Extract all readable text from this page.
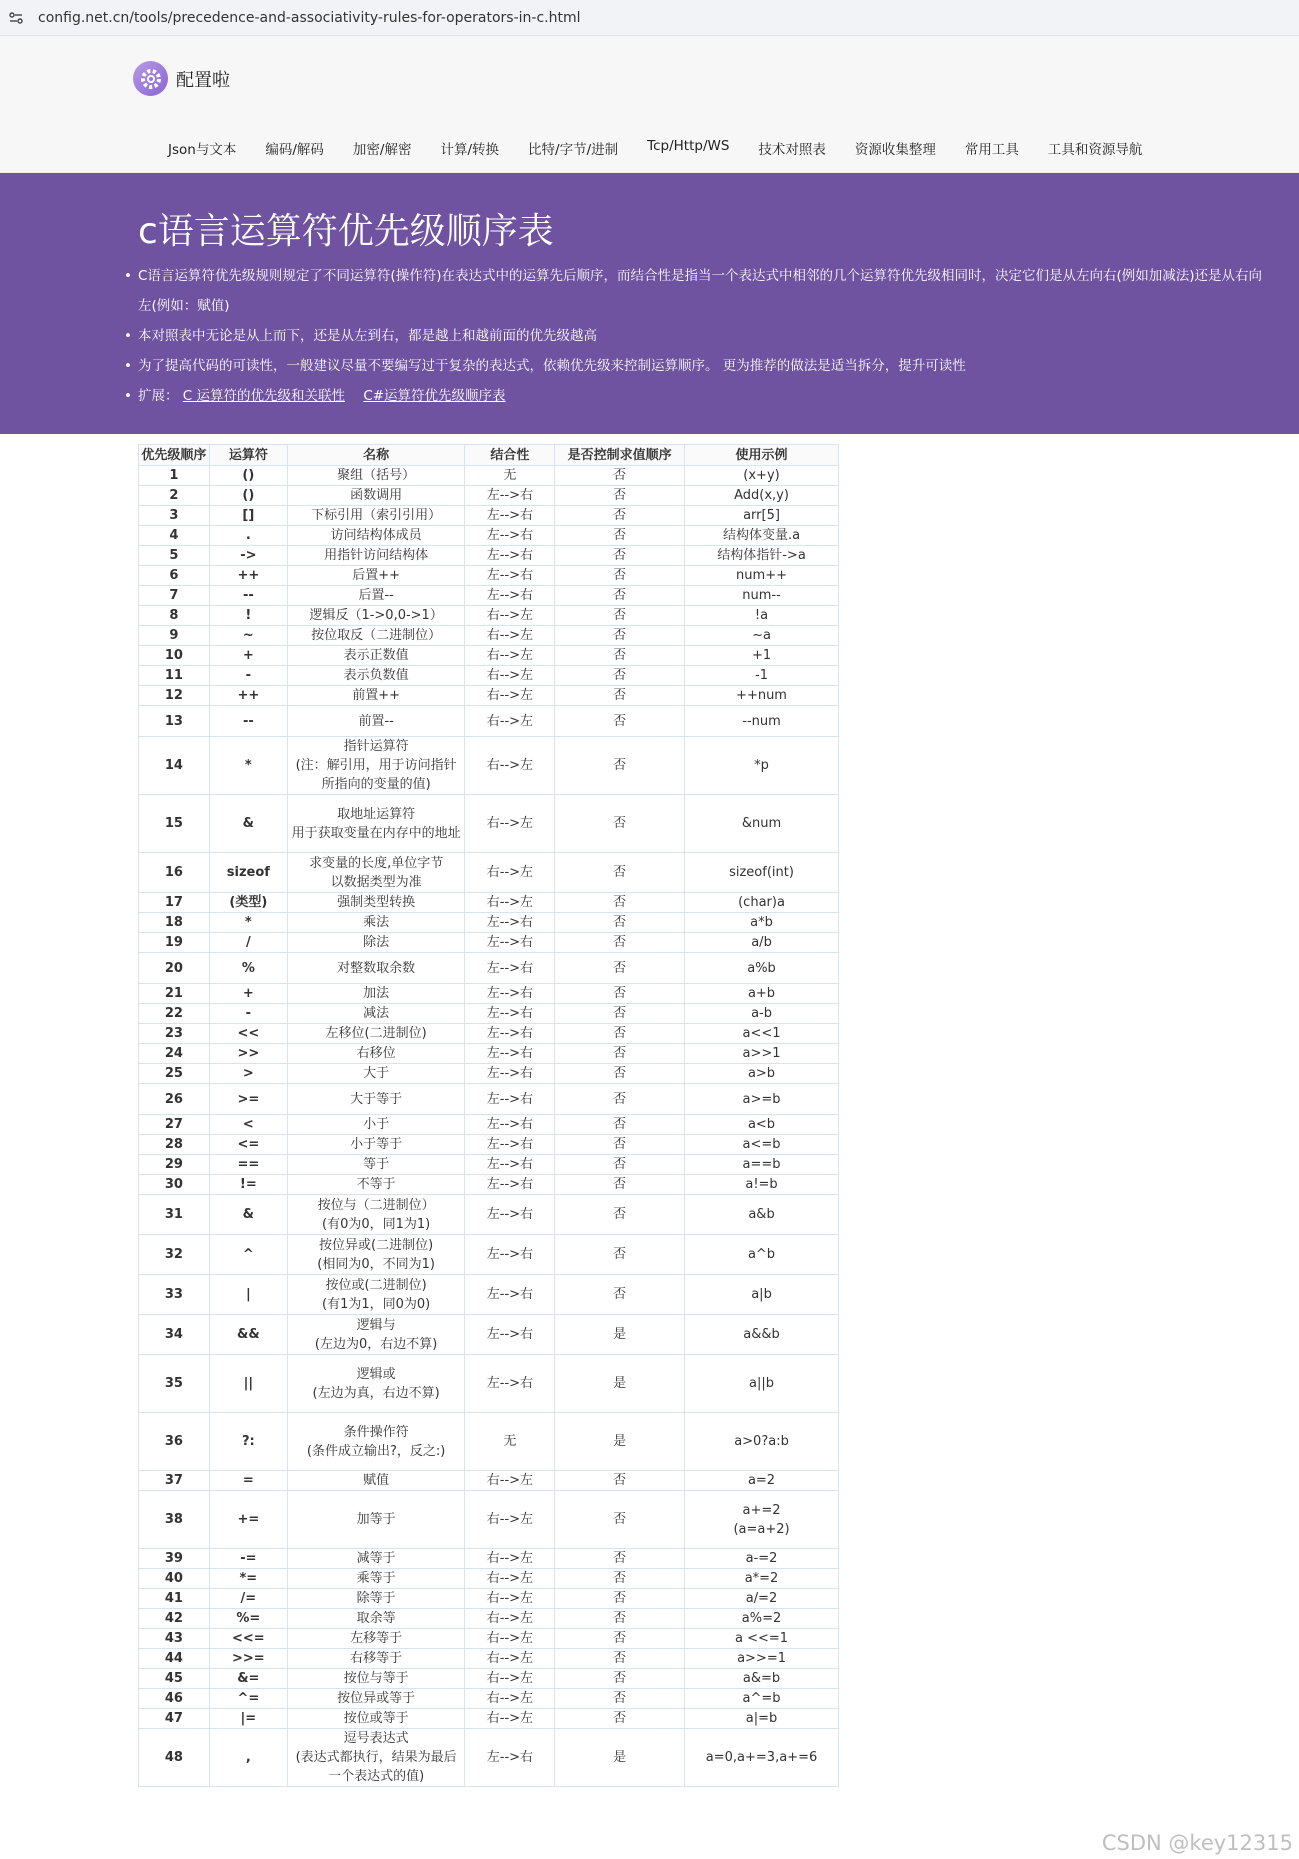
config.net.cn/tools/precedence-and-associativity-rules-for-operators-in-c.html
配置啦
Json与文本 编码/解码 加密/解密 计算/转换 比特/字节/进制 Tcp/Http/WS 技术对照表 资源收集整理 常用工具 工具和资源导航
c语言运算符优先级顺序表
• C语言运算符优先级规则规定了不同运算符(操作符)在表达式中的运算先后顺序，而结合性是指当一个表达式中相邻的几个运算符优先级相同时，决定它们是从左向右(例如加减法)还是从右向左(例如：赋值)
• 本对照表中无论是从上而下，还是从左到右，都是越上和越前面的优先级越高
• 为了提高代码的可读性，一般建议尽量不要编写过于复杂的表达式，依赖优先级来控制运算顺序。 更为推荐的做法是适当拆分，提升可读性
• 扩展： C 运算符的优先级和关联性 C#运算符优先级顺序表
优先级顺序	运算符	名称	结合性	是否控制求值顺序	使用示例
1	()	聚组（括号）	无	否	(x+y)
2	()	函数调用	左-->右	否	Add(x,y)
3	[]	下标引用（索引引用）	左-->右	否	arr[5]
4	.	访问结构体成员	左-->右	否	结构体变量.a
5	->	用指针访问结构体	左-->右	否	结构体指针->a
6	++	后置++	左-->右	否	num++
7	--	后置--	左-->右	否	num--
8	!	逻辑反（1->0,0->1）	右-->左	否	!a
9	~	按位取反（二进制位）	右-->左	否	~a
10	+	表示正数值	右-->左	否	+1
11	-	表示负数值	右-->左	否	-1
12	++	前置++	右-->左	否	++num
13	--	前置--	右-->左	否	--num
14	*	指针运算符
(注：解引用，用于访问指针所指向的变量的值)	右-->左	否	*p
15	&	取地址运算符
用于获取变量在内存中的地址	右-->左	否	&num
16	sizeof	求变量的长度,单位字节
以数据类型为准	右-->左	否	sizeof(int)
17	(类型)	强制类型转换	右-->左	否	(char)a
18	*	乘法	左-->右	否	a*b
19	/	除法	左-->右	否	a/b
20	%	对整数取余数	左-->右	否	a%b
21	+	加法	左-->右	否	a+b
22	-	减法	左-->右	否	a-b
23	<<	左移位(二进制位)	左-->右	否	a<<1
24	>>	右移位	左-->右	否	a>>1
25	>	大于	左-->右	否	a>b
26	>=	大于等于	左-->右	否	a>=b
27	<	小于	左-->右	否	a<b
28	<=	小于等于	左-->右	否	a<=b
29	==	等于	左-->右	否	a==b
30	!=	不等于	左-->右	否	a!=b
31	&	按位与（二进制位）
(有0为0，同1为1)	左-->右	否	a&b
32	^	按位异或(二进制位)
(相同为0，不同为1)	左-->右	否	a^b
33	|	按位或(二进制位)
(有1为1，同0为0)	左-->右	否	a|b
34	&&	逻辑与
(左边为0，右边不算)	左-->右	是	a&&b
35	||	逻辑或
(左边为真，右边不算)	左-->右	是	a||b
36	?:	条件操作符
(条件成立输出?，反之:)	无	是	a>0?a:b
37	=	赋值	右-->左	否	a=2
38	+=	加等于	右-->左	否	a+=2
(a=a+2)
39	-=	减等于	右-->左	否	a-=2
40	*=	乘等于	右-->左	否	a*=2
41	/=	除等于	右-->左	否	a/=2
42	%=	取余等	右-->左	否	a%=2
43	<<=	左移等于	右-->左	否	a <<=1
44	>>=	右移等于	右-->左	否	a>>=1
45	&=	按位与等于	右-->左	否	a&=b
46	^=	按位异或等于	右-->左	否	a^=b
47	|=	按位或等于	右-->左	否	a|=b
48	,	逗号表达式
(表达式都执行，结果为最后一个表达式的值)	左-->右	是	a=0,a+=3,a+=6
CSDN @key12315
